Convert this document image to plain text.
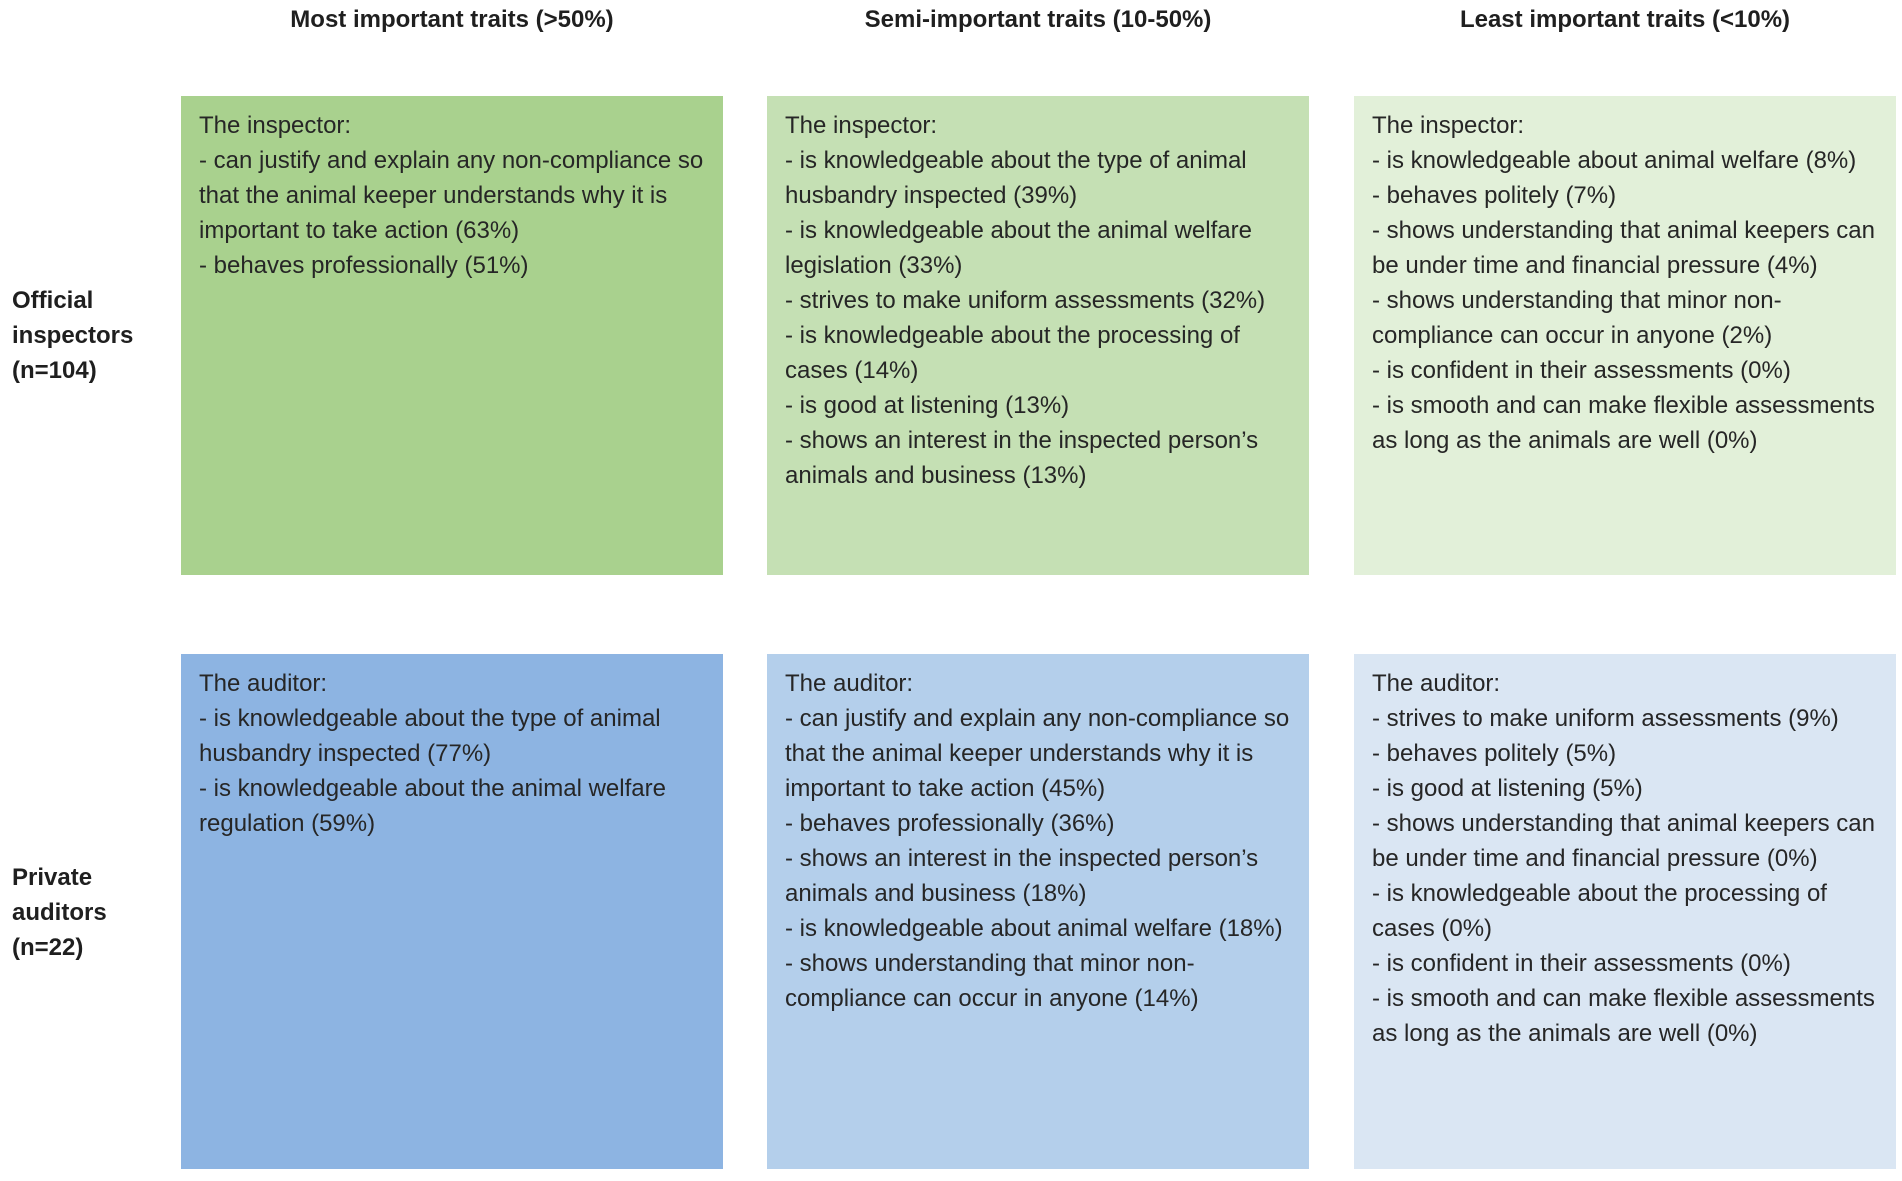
Most important traits (>50%)	Semi-important traits (10-50%)	Least important traits (<10%)
Official
inspectors
(n=104)
Private
auditors
(n=22)
The inspector:
- can justify and explain any non-compliance so that the animal keeper understands why it is important to take action (63%)
- behaves professionally (51%)
The inspector:
- is knowledgeable about the type of animal husbandry inspected (39%)
- is knowledgeable about the animal welfare legislation (33%)
- strives to make uniform assessments (32%)
- is knowledgeable about the processing of cases (14%)
- is good at listening (13%)
- shows an interest in the inspected person’s animals and business (13%)
The inspector:
- is knowledgeable about animal welfare (8%)
- behaves politely (7%)
- shows understanding that animal keepers can be under time and financial pressure (4%)
- shows understanding that minor non-compliance can occur in anyone (2%)
- is confident in their assessments (0%)
- is smooth and can make flexible assessments as long as the animals are well (0%)
The auditor:
- is knowledgeable about the type of animal husbandry inspected (77%)
- is knowledgeable about the animal welfare regulation (59%)
The auditor:
- can justify and explain any non-compliance so that the animal keeper understands why it is important to take action (45%)
- behaves professionally (36%)
- shows an interest in the inspected person’s animals and business (18%)
- is knowledgeable about animal welfare (18%)
- shows understanding that minor non-compliance can occur in anyone (14%)
The auditor:
- strives to make uniform assessments (9%)
- behaves politely (5%)
- is good at listening (5%)
- shows understanding that animal keepers can be under time and financial pressure (0%)
- is knowledgeable about the processing of cases (0%)
- is confident in their assessments (0%)
- is smooth and can make flexible assessments as long as the animals are well (0%)
